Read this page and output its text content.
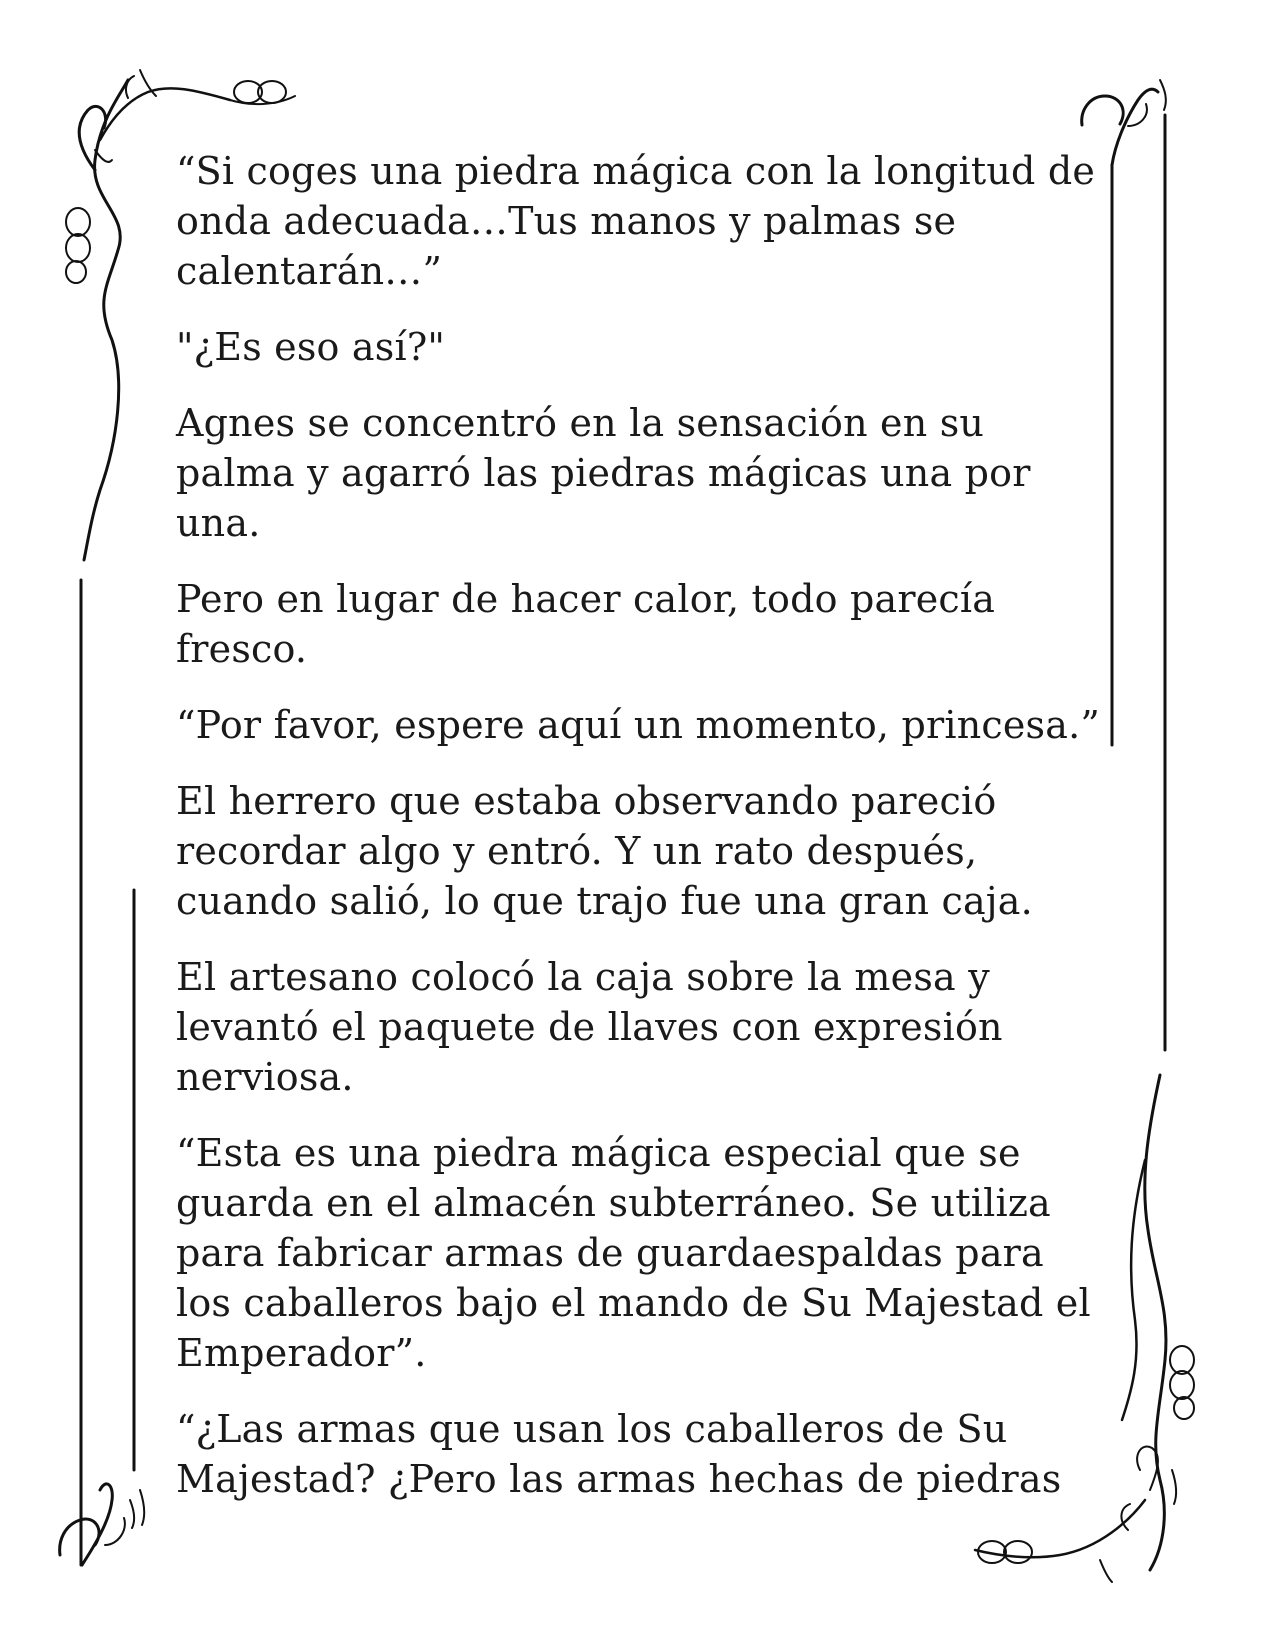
“Si coges una piedra mágica con la longitud de onda adecuada…Tus manos y palmas se calentarán…”

"¿Es eso así?"

Agnes se concentró en la sensación en su palma y agarró las piedras mágicas una por una.

Pero en lugar de hacer calor, todo parecía fresco.

“Por favor, espere aquí un momento, princesa.”

El herrero que estaba observando pareció recordar algo y entró. Y un rato después, cuando salió, lo que trajo fue una gran caja.

El artesano colocó la caja sobre la mesa y levantó el paquete de llaves con expresión nerviosa.

“Esta es una piedra mágica especial que se guarda en el almacén subterráneo. Se utiliza para fabricar armas de guardaespaldas para los caballeros bajo el mando de Su Majestad el Emperador”.

“¿Las armas que usan los caballeros de Su Majestad? ¿Pero las armas hechas de piedras
